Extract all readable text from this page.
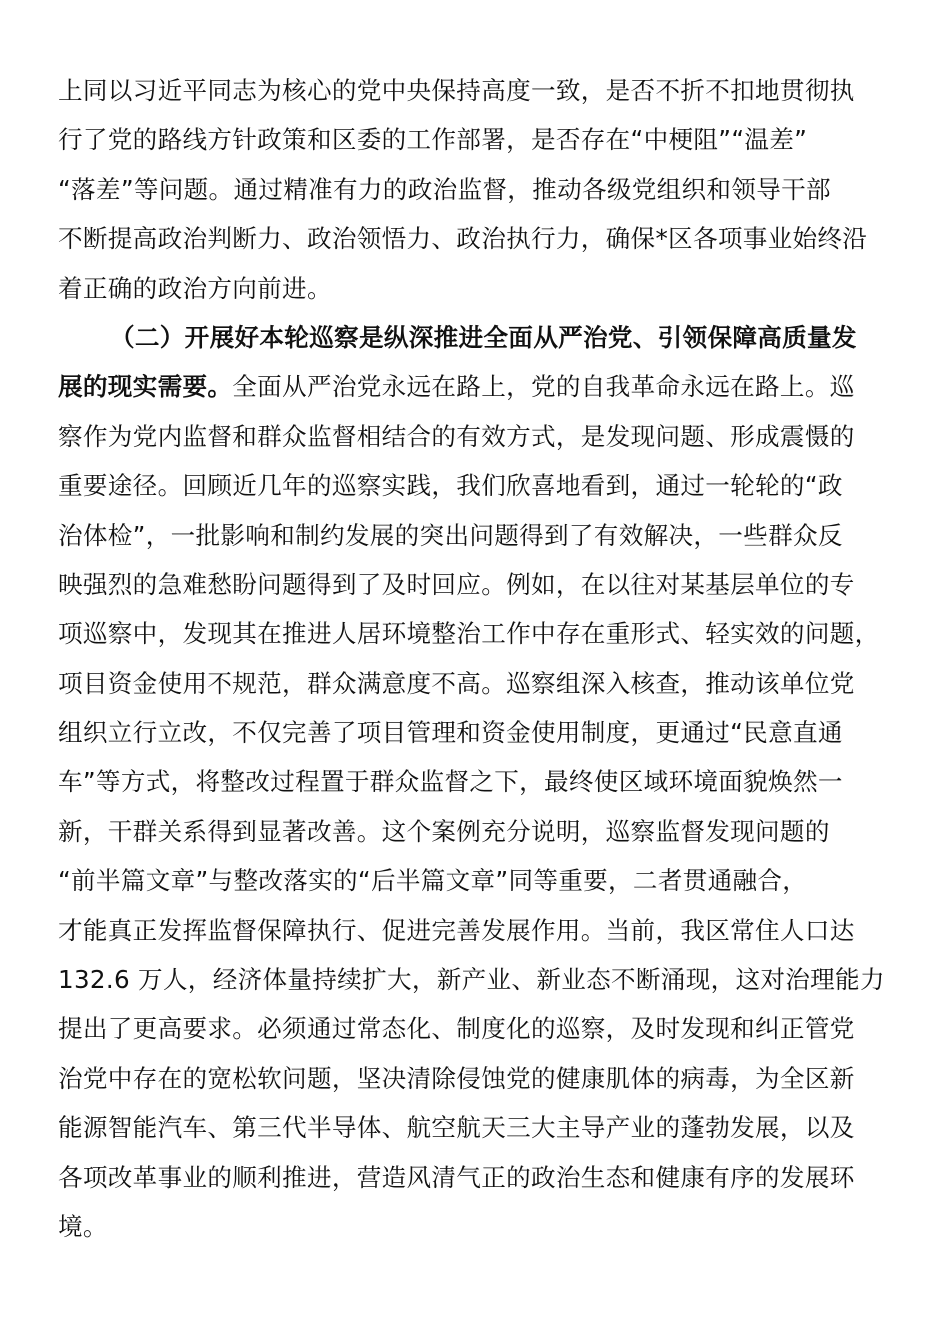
上同以习近平同志为核心的党中央保持高度一致，是否不折不扣地贯彻执
行了党的路线方针政策和区委的工作部署，是否存在“中梗阻”“温差”
“落差”等问题。通过精准有力的政治监督，推动各级党组织和领导干部
不断提高政治判断力、政治领悟力、政治执行力，确保*区各项事业始终沿
着正确的政治方向前进。
（二）开展好本轮巡察是纵深推进全面从严治党、引领保障高质量发
展的现实需要。全面从严治党永远在路上，党的自我革命永远在路上。巡
察作为党内监督和群众监督相结合的有效方式，是发现问题、形成震慑的
重要途径。回顾近几年的巡察实践，我们欣喜地看到，通过一轮轮的“政
治体检”，一批影响和制约发展的突出问题得到了有效解决，一些群众反
映强烈的急难愁盼问题得到了及时回应。例如，在以往对某基层单位的专
项巡察中，发现其在推进人居环境整治工作中存在重形式、轻实效的问题，
项目资金使用不规范，群众满意度不高。巡察组深入核查，推动该单位党
组织立行立改，不仅完善了项目管理和资金使用制度，更通过“民意直通
车”等方式，将整改过程置于群众监督之下，最终使区域环境面貌焕然一
新，干群关系得到显著改善。这个案例充分说明，巡察监督发现问题的
“前半篇文章”与整改落实的“后半篇文章”同等重要，二者贯通融合，
才能真正发挥监督保障执行、促进完善发展作用。当前，我区常住人口达
132.6 万人，经济体量持续扩大，新产业、新业态不断涌现，这对治理能力
提出了更高要求。必须通过常态化、制度化的巡察，及时发现和纠正管党
治党中存在的宽松软问题，坚决清除侵蚀党的健康肌体的病毒，为全区新
能源智能汽车、第三代半导体、航空航天三大主导产业的蓬勃发展，以及
各项改革事业的顺利推进，营造风清气正的政治生态和健康有序的发展环
境。
